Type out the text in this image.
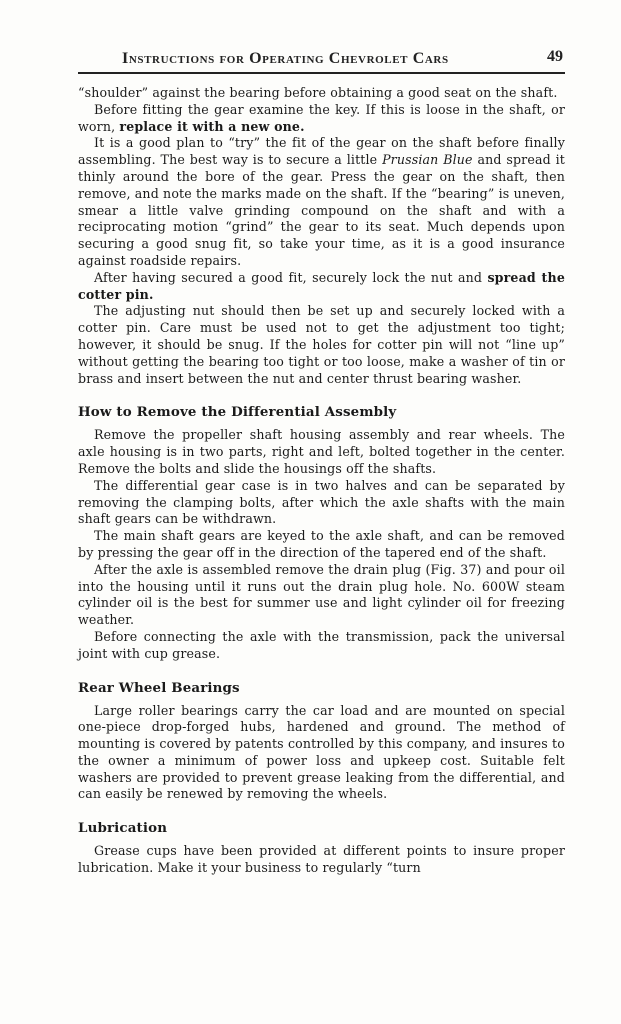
Instructions for Operating Chevrolet Cars	49

“shoulder” against the bearing before obtaining a good seat on the shaft.

Before fitting the gear examine the key. If this is loose in the shaft, or worn, replace it with a new one.

It is a good plan to “try” the fit of the gear on the shaft before finally assembling. The best way is to secure a little Prussian Blue and spread it thinly around the bore of the gear. Press the gear on the shaft, then remove, and note the marks made on the shaft. If the “bearing” is uneven, smear a little valve grinding compound on the shaft and with a reciprocating motion “grind” the gear to its seat. Much depends upon securing a good snug fit, so take your time, as it is a good insurance against roadside repairs.

After having secured a good fit, securely lock the nut and spread the cotter pin.

The adjusting nut should then be set up and securely locked with a cotter pin. Care must be used not to get the adjustment too tight; however, it should be snug. If the holes for cotter pin will not “line up” without getting the bearing too tight or too loose, make a washer of tin or brass and insert between the nut and center thrust bearing washer.

How to Remove the Differential Assembly

Remove the propeller shaft housing assembly and rear wheels. The axle housing is in two parts, right and left, bolted together in the center. Remove the bolts and slide the housings off the shafts.

The differential gear case is in two halves and can be separated by removing the clamping bolts, after which the axle shafts with the main shaft gears can be withdrawn.

The main shaft gears are keyed to the axle shaft, and can be removed by pressing the gear off in the direction of the tapered end of the shaft.

After the axle is assembled remove the drain plug (Fig. 37) and pour oil into the housing until it runs out the drain plug hole. No. 600W steam cylinder oil is the best for summer use and light cylinder oil for freezing weather.

Before connecting the axle with the transmission, pack the universal joint with cup grease.

Rear Wheel Bearings

Large roller bearings carry the car load and are mounted on special one-piece drop-forged hubs, hardened and ground. The method of mounting is covered by patents controlled by this company, and insures to the owner a minimum of power loss and upkeep cost. Suitable felt washers are provided to prevent grease leaking from the differential, and can easily be renewed by removing the wheels.

Lubrication

Grease cups have been provided at different points to insure proper lubrication. Make it your business to regularly “turn
